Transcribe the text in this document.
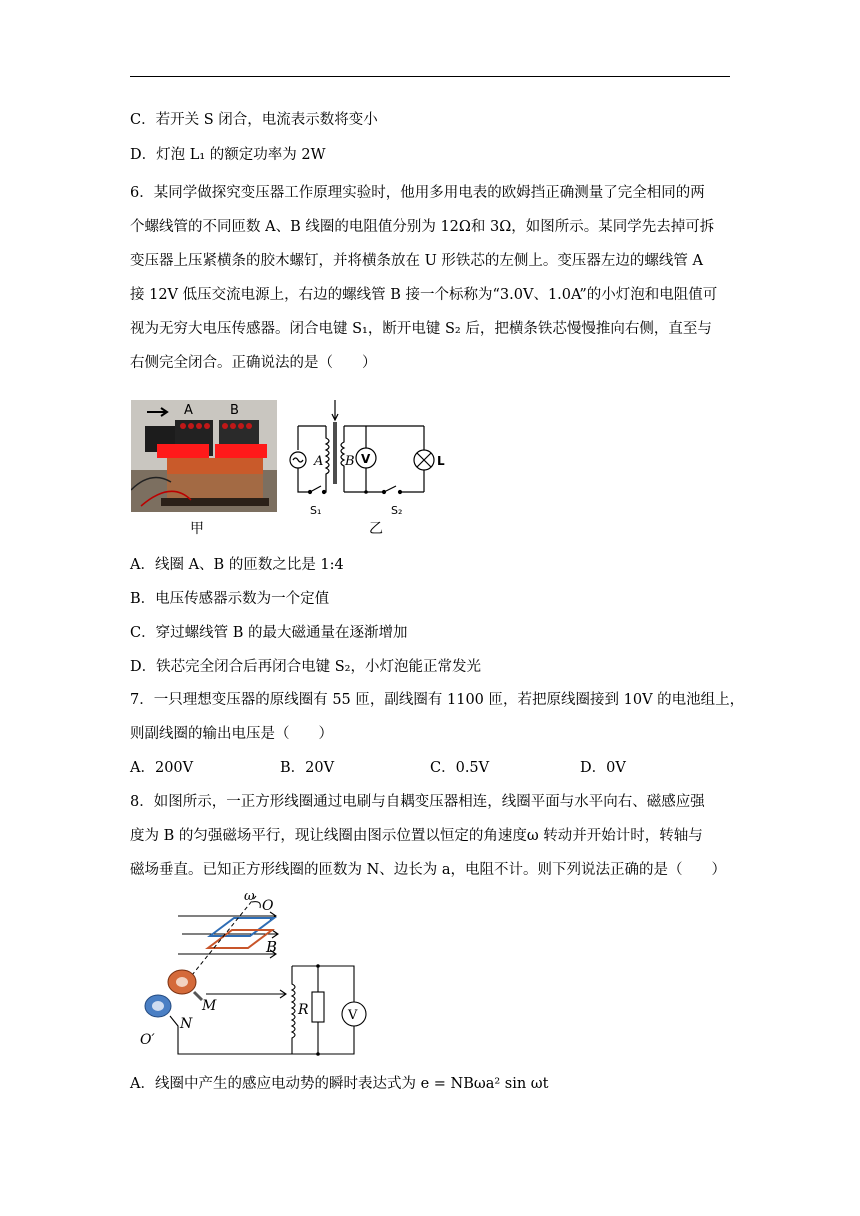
C．若开关 S 闭合，电流表示数将变小
D．灯泡 L₁ 的额定功率为 2W
6．某同学做探究变压器工作原理实验时，他用多用电表的欧姆挡正确测量了完全相同的两
个螺线管的不同匝数 A、B 线圈的电阻值分别为 12Ω和 3Ω，如图所示。某同学先去掉可拆
变压器上压紧横条的胶木螺钉，并将横条放在 U 形铁芯的左侧上。变压器左边的螺线管 A
接 12V 低压交流电源上，右边的螺线管 B 接一个标称为“3.0V、1.0A”的小灯泡和电阻值可
视为无穷大电压传感器。闭合电键 S₁，断开电键 S₂ 后，把横条铁芯慢慢推向右侧，直至与
右侧完全闭合。正确说法的是（　　）
A	B
甲
A B V	L
S₁	S₂
乙
A．线圈 A、B 的匝数之比是 1:4
B．电压传感器示数为一个定值
C．穿过螺线管 B 的最大磁通量在逐渐增加
D．铁芯完全闭合后再闭合电键 S₂，小灯泡能正常发光
7．一只理想变压器的原线圈有 55 匝，副线圈有 1100 匝，若把原线圈接到 10V 的电池组上，
则副线圈的输出电压是（　　）
A．200V	B．20V	C．0.5V	D．0V
8．如图所示，一正方形线圈通过电刷与自耦变压器相连，线圈平面与水平向右、磁感应强
度为 B 的匀强磁场平行，现让线圈由图示位置以恒定的角速度ω 转动并开始计时，转轴与
磁场垂直。已知正方形线圈的匝数为 N、边长为 a，电阻不计。则下列说法正确的是（　　）
ω
O
B
M
N
O′
R	V
A．线圈中产生的感应电动势的瞬时表达式为 e = NBωa² sin ωt
